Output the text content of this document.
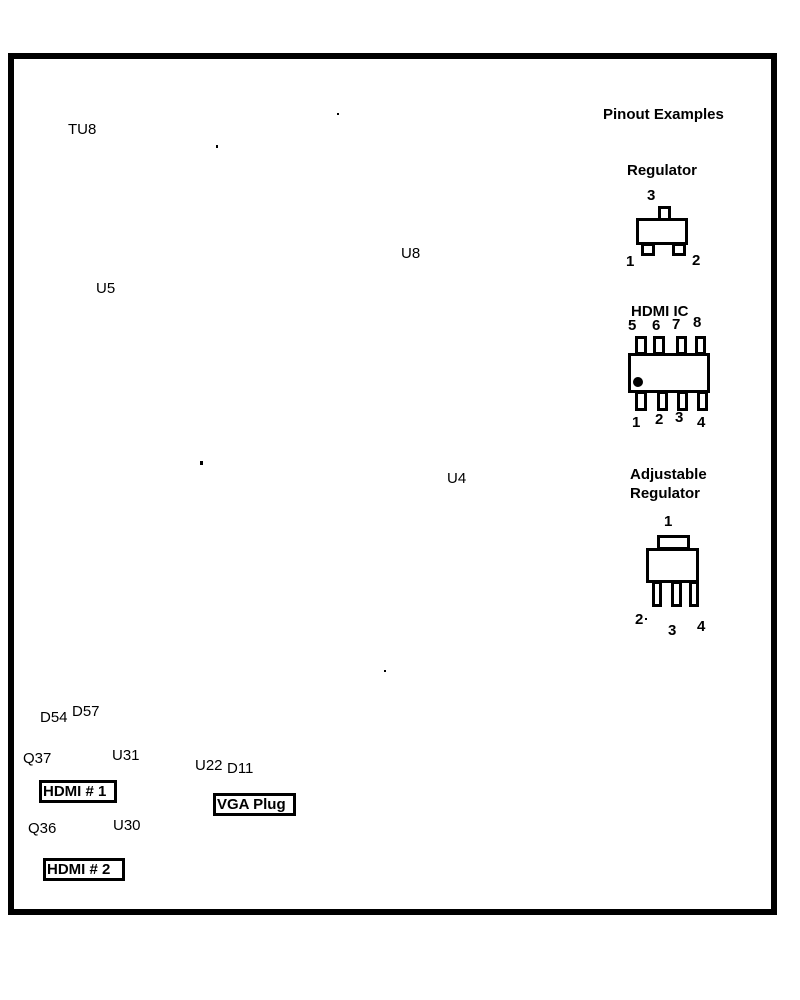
Pinout Examples
TU8
U5
U8
U4
D54 D57
Q37	U31
U22 D11
Q36	U30
HDMI # 1
VGA Plug
HDMI # 2
Regulator
3
1	2
HDMI IC
5 6 7 8
1 2 3 4
Adjustable
Regulator
1
2
3 4
